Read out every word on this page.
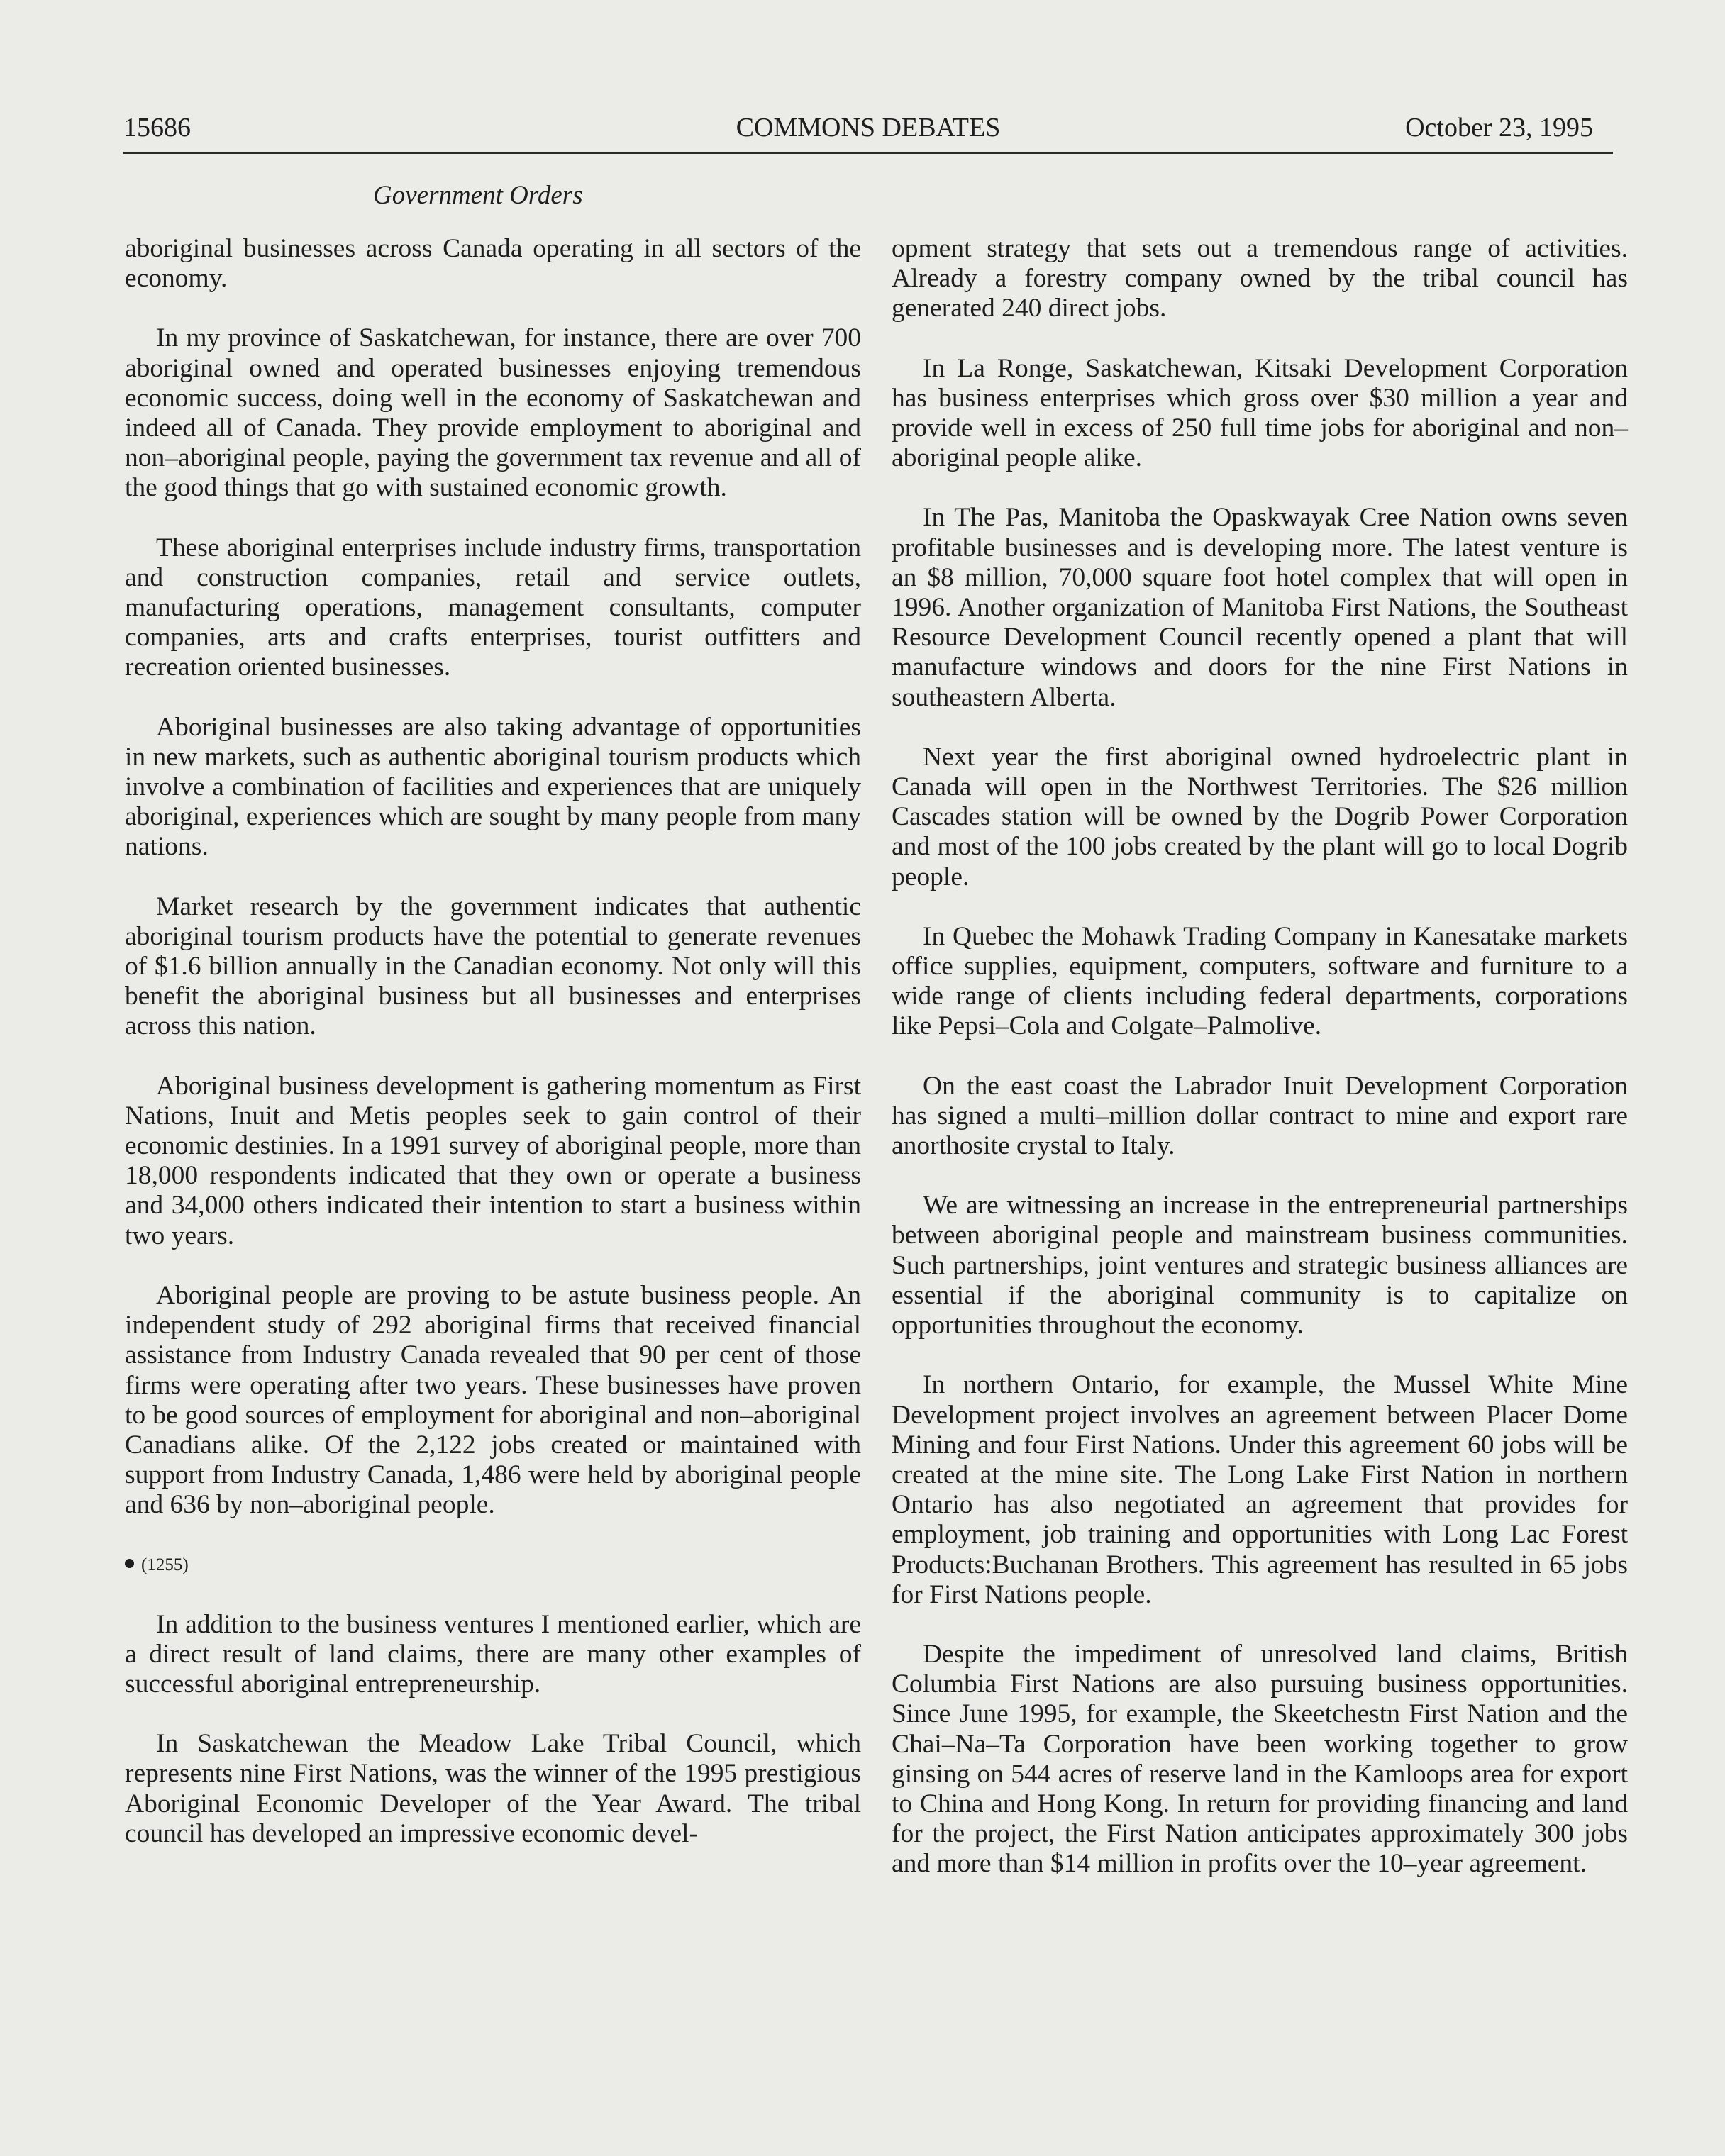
15686	COMMONS DEBATES	October 23, 1995
Government Orders

aboriginal businesses across Canada operating in all sectors of the economy.

In my province of Saskatchewan, for instance, there are over 700 aboriginal owned and operated businesses enjoying tremendous economic success, doing well in the economy of Saskatchewan and indeed all of Canada. They provide employment to aboriginal and non–aboriginal people, paying the government tax revenue and all of the good things that go with sustained economic growth.

These aboriginal enterprises include industry firms, transportation and construction companies, retail and service outlets, manufacturing operations, management consultants, computer companies, arts and crafts enterprises, tourist outfitters and recreation oriented businesses.

Aboriginal businesses are also taking advantage of opportunities in new markets, such as authentic aboriginal tourism products which involve a combination of facilities and experiences that are uniquely aboriginal, experiences which are sought by many people from many nations.

Market research by the government indicates that authentic aboriginal tourism products have the potential to generate revenues of $1.6 billion annually in the Canadian economy. Not only will this benefit the aboriginal business but all businesses and enterprises across this nation.

Aboriginal business development is gathering momentum as First Nations, Inuit and Metis peoples seek to gain control of their economic destinies. In a 1991 survey of aboriginal people, more than 18,000 respondents indicated that they own or operate a business and 34,000 others indicated their intention to start a business within two years.

Aboriginal people are proving to be astute business people. An independent study of 292 aboriginal firms that received financial assistance from Industry Canada revealed that 90 per cent of those firms were operating after two years. These businesses have proven to be good sources of employment for aboriginal and non–aboriginal Canadians alike. Of the 2,122 jobs created or maintained with support from Industry Canada, 1,486 were held by aboriginal people and 636 by non–aboriginal people.

(1255)

In addition to the business ventures I mentioned earlier, which are a direct result of land claims, there are many other examples of successful aboriginal entrepreneurship.

In Saskatchewan the Meadow Lake Tribal Council, which represents nine First Nations, was the winner of the 1995 prestigious Aboriginal Economic Developer of the Year Award. The tribal council has developed an impressive economic devel-

opment strategy that sets out a tremendous range of activities. Already a forestry company owned by the tribal council has generated 240 direct jobs.

In La Ronge, Saskatchewan, Kitsaki Development Corporation has business enterprises which gross over $30 million a year and provide well in excess of 250 full time jobs for aboriginal and non–aboriginal people alike.

In The Pas, Manitoba the Opaskwayak Cree Nation owns seven profitable businesses and is developing more. The latest venture is an $8 million, 70,000 square foot hotel complex that will open in 1996. Another organization of Manitoba First Nations, the Southeast Resource Development Council recently opened a plant that will manufacture windows and doors for the nine First Nations in southeastern Alberta.

Next year the first aboriginal owned hydroelectric plant in Canada will open in the Northwest Territories. The $26 million Cascades station will be owned by the Dogrib Power Corporation and most of the 100 jobs created by the plant will go to local Dogrib people.

In Quebec the Mohawk Trading Company in Kanesatake markets office supplies, equipment, computers, software and furniture to a wide range of clients including federal departments, corporations like Pepsi–Cola and Colgate–Palmolive.

On the east coast the Labrador Inuit Development Corporation has signed a multi–million dollar contract to mine and export rare anorthosite crystal to Italy.

We are witnessing an increase in the entrepreneurial partnerships between aboriginal people and mainstream business communities. Such partnerships, joint ventures and strategic business alliances are essential if the aboriginal community is to capitalize on opportunities throughout the economy.

In northern Ontario, for example, the Mussel White Mine Development project involves an agreement between Placer Dome Mining and four First Nations. Under this agreement 60 jobs will be created at the mine site. The Long Lake First Nation in northern Ontario has also negotiated an agreement that provides for employment, job training and opportunities with Long Lac Forest Products:Buchanan Brothers. This agreement has resulted in 65 jobs for First Nations people.

Despite the impediment of unresolved land claims, British Columbia First Nations are also pursuing business opportunities. Since June 1995, for example, the Skeetchestn First Nation and the Chai–Na–Ta Corporation have been working together to grow ginsing on 544 acres of reserve land in the Kamloops area for export to China and Hong Kong. In return for providing financing and land for the project, the First Nation anticipates approximately 300 jobs and more than $14 million in profits over the 10–year agreement.
